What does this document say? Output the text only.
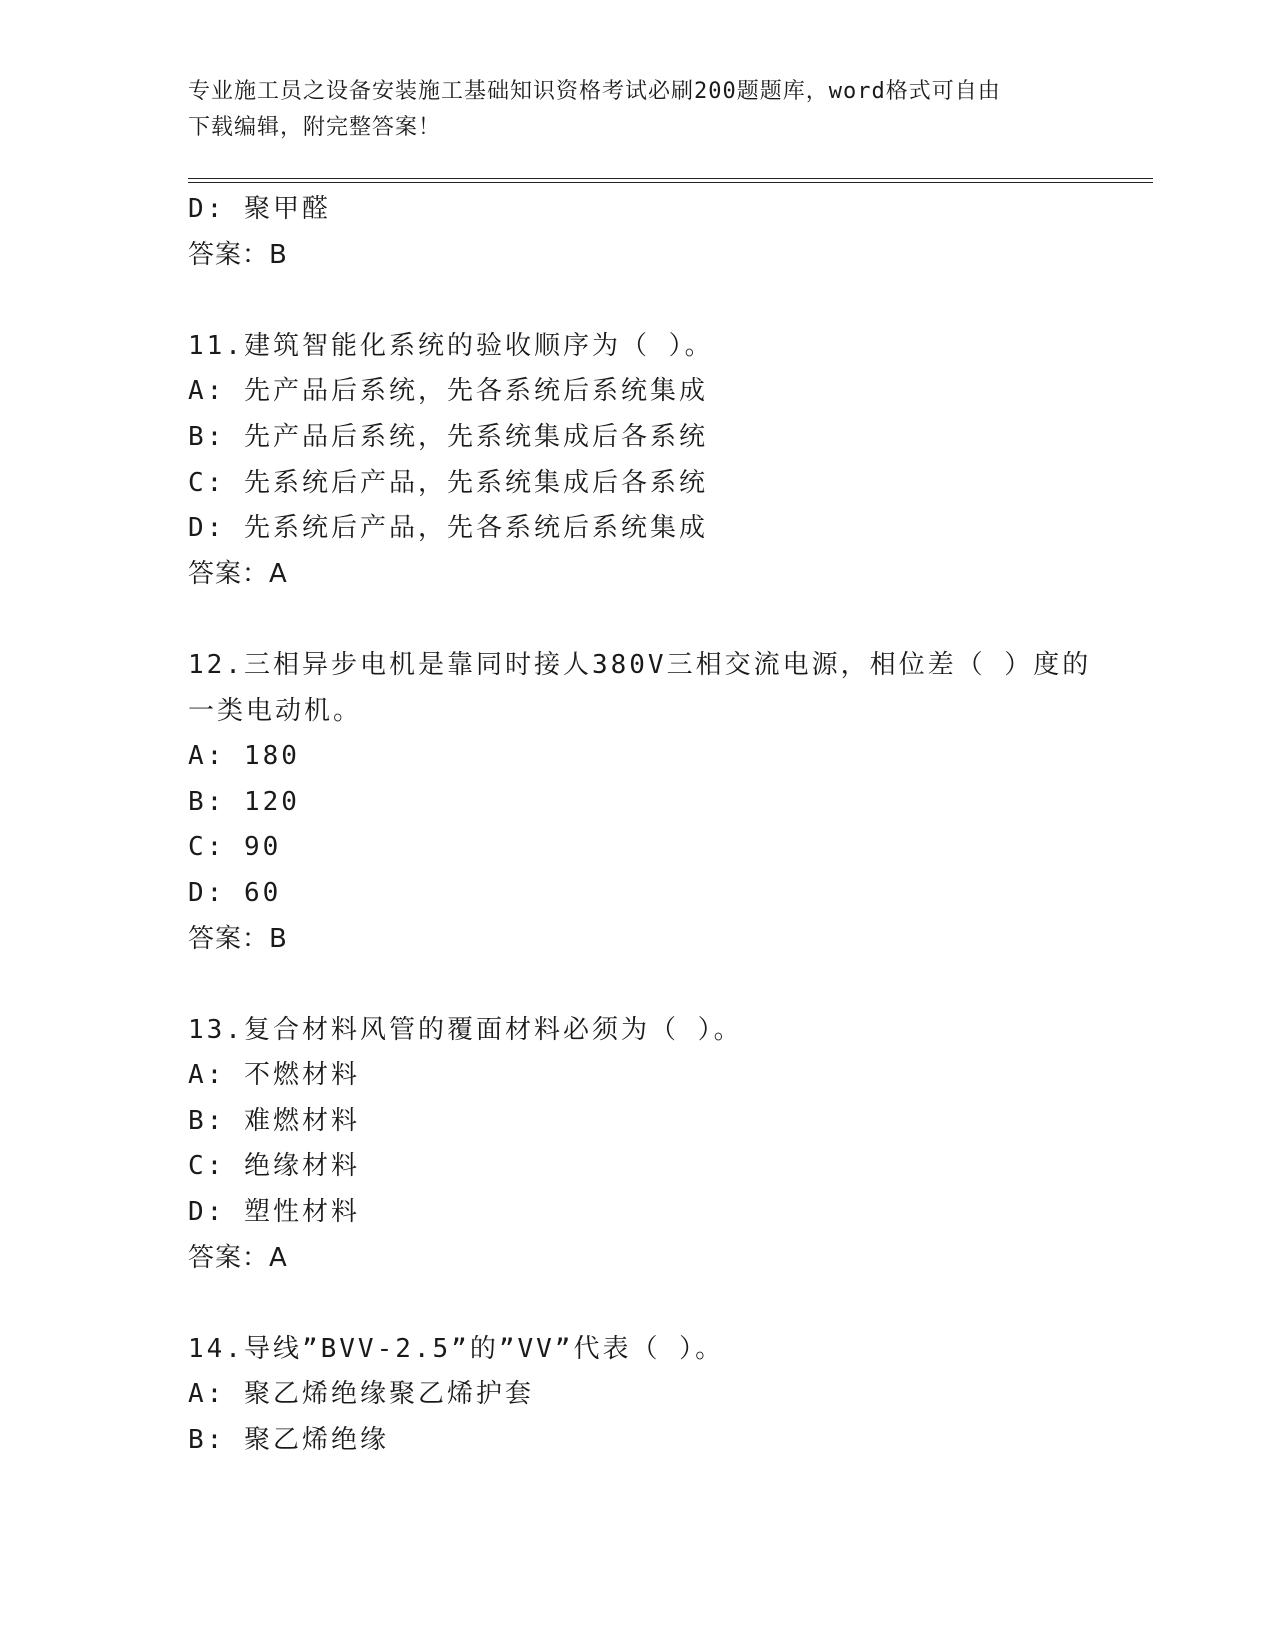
专业施工员之设备安装施工基础知识资格考试必刷200题题库，word格式可自由
下载编辑，附完整答案！
D: 聚甲醛
答案：B
11.建筑智能化系统的验收顺序为（ ）。
A: 先产品后系统，先各系统后系统集成
B: 先产品后系统，先系统集成后各系统
C: 先系统后产品，先系统集成后各系统
D: 先系统后产品，先各系统后系统集成
答案：A
12.三相异步电机是靠同时接人380V三相交流电源，相位差（ ）度的
一类电动机。
A: 180
B: 120
C: 90
D: 60
答案：B
13.复合材料风管的覆面材料必须为（ ）。
A: 不燃材料
B: 难燃材料
C: 绝缘材料
D: 塑性材料
答案：A
14.导线”BVV-2.5”的”VV”代表（ ）。
A: 聚乙烯绝缘聚乙烯护套
B: 聚乙烯绝缘
